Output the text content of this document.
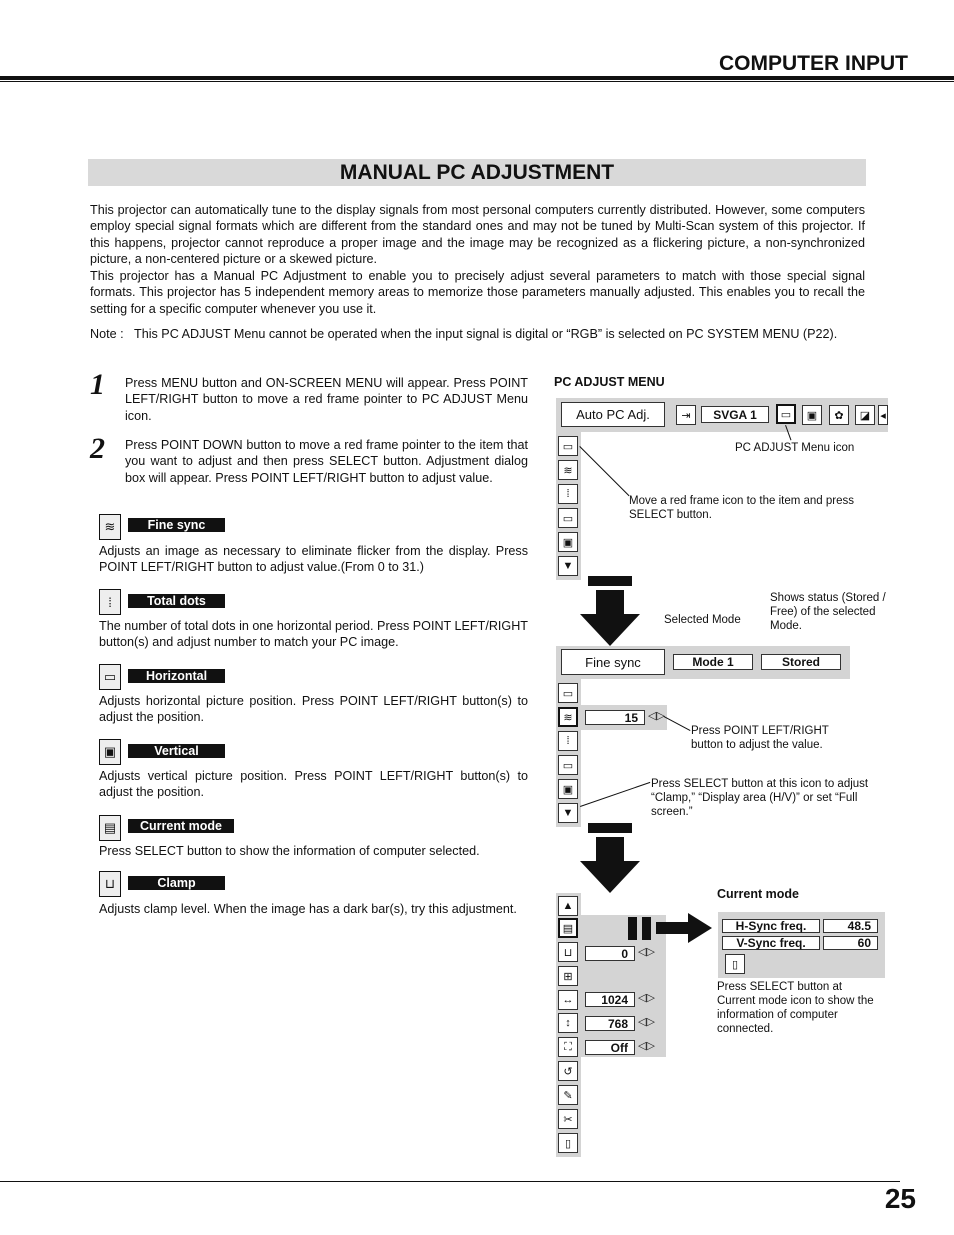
COMPUTER INPUT
MANUAL PC ADJUSTMENT
This projector can automatically tune to the display signals from most personal computers currently distributed. However, some computers employ special signal formats which are different from the standard ones and may not be tuned by Multi-Scan system of this projector. If this happens, projector cannot reproduce a proper image and the image may be recognized as a flickering picture, a non-synchronized picture, a non-centered picture or a skewed picture.
This projector has a Manual PC Adjustment to enable you to precisely adjust several parameters to match with those special signal formats. This projector has 5 independent memory areas to memorize those parameters manually adjusted. This enables you to recall the setting for a specific computer whenever you use it.
Note : This PC ADJUST Menu cannot be operated when the input signal is digital or “RGB” is selected on PC SYSTEM MENU (P22).
1 Press MENU button and ON-SCREEN MENU will appear. Press POINT LEFT/RIGHT button to move a red frame pointer to PC ADJUST Menu icon.
2 Press POINT DOWN button to move a red frame pointer to the item that you want to adjust and then press SELECT button. Adjustment dialog box will appear. Press POINT LEFT/RIGHT button to adjust value.
≋	Fine sync
Adjusts an image as necessary to eliminate flicker from the display. Press POINT LEFT/RIGHT button to adjust value.(From 0 to 31.)
⁞	Total dots
The number of total dots in one horizontal period. Press POINT LEFT/RIGHT button(s) and adjust number to match your PC image.
▭	Horizontal
Adjusts horizontal picture position. Press POINT LEFT/RIGHT button(s) to adjust the position.
▣	Vertical
Adjusts vertical picture position. Press POINT LEFT/RIGHT button(s) to adjust the position.
▤	Current mode
Press SELECT button to show the information of computer selected.
⊔	Clamp
Adjusts clamp level. When the image has a dark bar(s), try this adjustment.
PC ADJUST MENU
Auto PC Adj.	⇥	SVGA 1	▭	▣	✿	◪ ◂
▭
≋
⁞
▭
▣
▼
PC ADJUST Menu icon
Move a red frame icon to the item and press SELECT button.
Selected Mode
Shows status (Stored / Free) of the selected Mode.
Fine sync	Mode 1	Stored
▭
≋	15 ◁▷
⁞
▭
▣
▼
Press POINT LEFT/RIGHT button to adjust the value.
Press SELECT button at this icon to adjust “Clamp,” “Display area (H/V)” or set “Full screen.”
Current mode
▲
▤
⊔	0 ◁▷
⊞
↔	1024 ◁▷
↕	768 ◁▷
⛶	Off ◁▷
↺
✎
✂
▯
H-Sync freq.	48.5
V-Sync freq.	60
▯
Press SELECT button at Current mode icon to show the information of computer connected.
25
